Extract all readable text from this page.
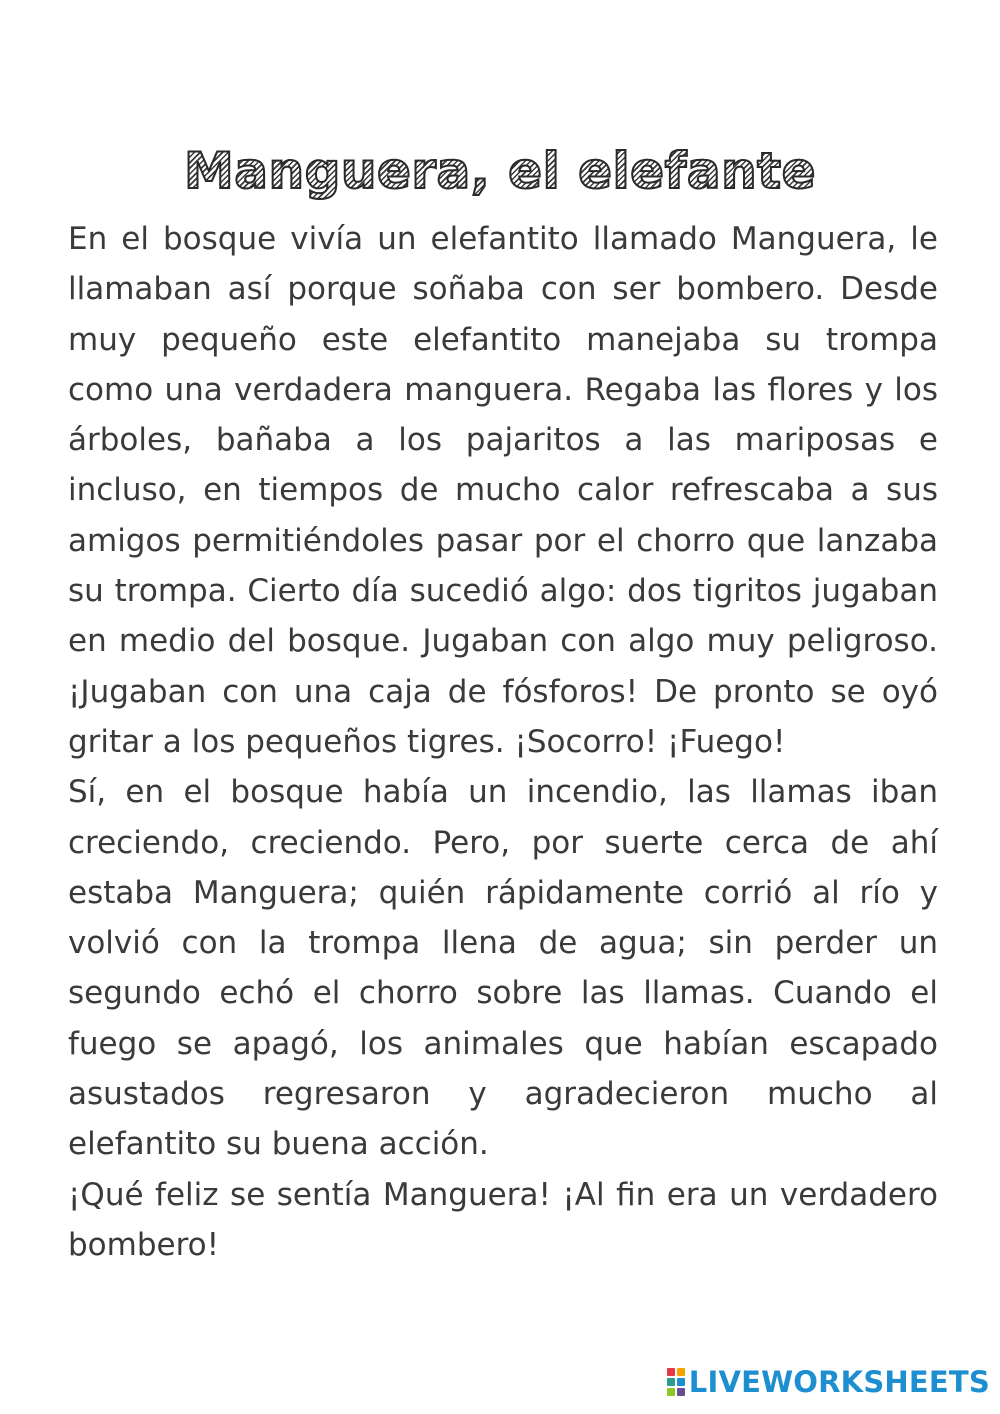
Manguera, el elefante

En el bosque vivía un elefantito llamado Manguera, le llamaban así porque soñaba con ser bombero. Desde muy pequeño este elefantito manejaba su trompa como una verdadera manguera. Regaba las flores y los árboles, bañaba a los pajaritos a las mariposas e incluso, en tiempos de mucho calor refrescaba a sus amigos permitiéndoles pasar por el chorro que lanzaba su trompa. Cierto día sucedió algo: dos tigritos jugaban en medio del bosque. Jugaban con algo muy peligroso. ¡Jugaban con una caja de fósforos! De pronto se oyó gritar a los pequeños tigres. ¡Socorro! ¡Fuego!

Sí, en el bosque había un incendio, las llamas iban creciendo, creciendo. Pero, por suerte cerca de ahí estaba Manguera; quién rápidamente corrió al río y volvió con la trompa llena de agua; sin perder un segundo echó el chorro sobre las llamas. Cuando el fuego se apagó, los animales que habían escapado asustados regresaron y agradecieron mucho al elefantito su buena acción.

¡Qué feliz se sentía Manguera! ¡Al fin era un verdadero bombero!

LIVEWORKSHEETS
